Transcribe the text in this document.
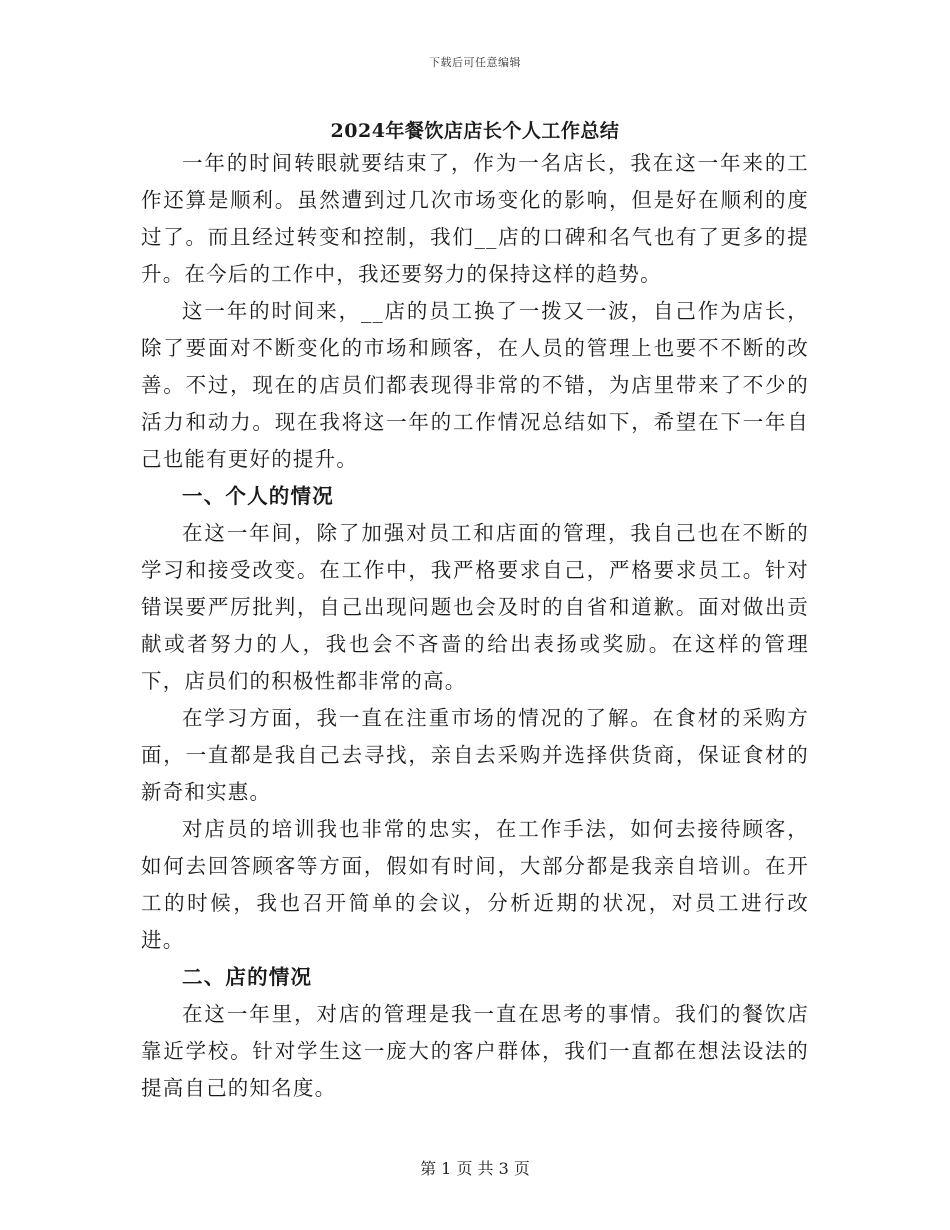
下载后可任意编辑
2024年餐饮店店长个人工作总结

一年的时间转眼就要结束了，作为一名店长，我在这一年来的工作还算是顺利。虽然遭到过几次市场变化的影响，但是好在顺利的度过了。而且经过转变和控制，我们__店的口碑和名气也有了更多的提升。在今后的工作中，我还要努力的保持这样的趋势。

这一年的时间来，__店的员工换了一拨又一波，自己作为店长，除了要面对不断变化的市场和顾客，在人员的管理上也要不不断的改善。不过，现在的店员们都表现得非常的不错，为店里带来了不少的活力和动力。现在我将这一年的工作情况总结如下，希望在下一年自己也能有更好的提升。

一、个人的情况

在这一年间，除了加强对员工和店面的管理，我自己也在不断的学习和接受改变。在工作中，我严格要求自己，严格要求员工。针对错误要严厉批判，自己出现问题也会及时的自省和道歉。面对做出贡献或者努力的人，我也会不吝啬的给出表扬或奖励。在这样的管理下，店员们的积极性都非常的高。

在学习方面，我一直在注重市场的情况的了解。在食材的采购方面，一直都是我自己去寻找，亲自去采购并选择供货商，保证食材的新奇和实惠。

对店员的培训我也非常的忠实，在工作手法，如何去接待顾客，如何去回答顾客等方面，假如有时间，大部分都是我亲自培训。在开工的时候，我也召开简单的会议，分析近期的状况，对员工进行改进。

二、店的情况

在这一年里，对店的管理是我一直在思考的事情。我们的餐饮店靠近学校。针对学生这一庞大的客户群体，我们一直都在想法设法的提高自己的知名度。

第 1 页 共 3 页
